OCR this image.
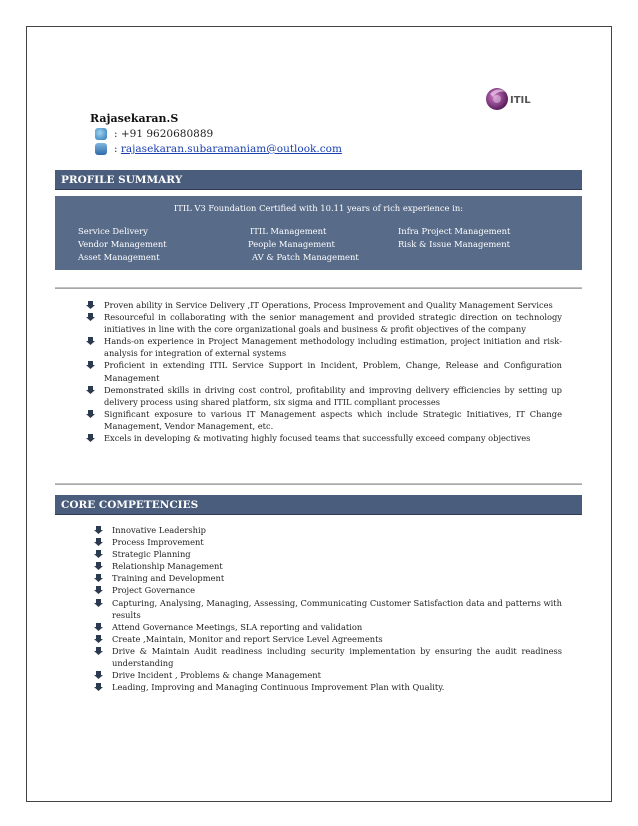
ITIL
Rajasekaran.S
: +91 9620680889
: rajasekaran.subaramaniam@outlook.com
PROFILE SUMMARY
ITIL V3 Foundation Certified with 10.11 years of rich experience in:
Service Delivery	ITIL Management	Infra Project Management
Vendor Management	People Management	Risk & Issue Management
Asset Management	AV & Patch Management
Proven ability in Service Delivery ,IT Operations, Process Improvement and Quality Management Services
Resourceful in collaborating with the senior management and provided strategic direction on technology initiatives in line with the core organizational goals and business & profit objectives of the company
Hands-on experience in Project Management methodology including estimation, project initiation and risk-analysis for integration of external systems
Proficient in extending ITIL Service Support in Incident, Problem, Change, Release and Configuration Management
Demonstrated skills in driving cost control, profitability and improving delivery efficiencies by setting up delivery process using shared platform, six sigma and ITIL compliant processes
Significant exposure to various IT Management aspects which include Strategic Initiatives, IT Change Management, Vendor Management, etc.
Excels in developing & motivating highly focused teams that successfully exceed company objectives
CORE COMPETENCIES
Innovative Leadership
Process Improvement
Strategic Planning
Relationship Management
Training and Development
Project Governance
Capturing, Analysing, Managing, Assessing, Communicating Customer Satisfaction data and patterns with results
Attend Governance Meetings, SLA reporting and validation
Create ,Maintain, Monitor and report Service Level Agreements
Drive & Maintain Audit readiness including security implementation by ensuring the audit readiness understanding
Drive Incident , Problems & change Management
Leading, Improving and Managing Continuous Improvement Plan with Quality.
